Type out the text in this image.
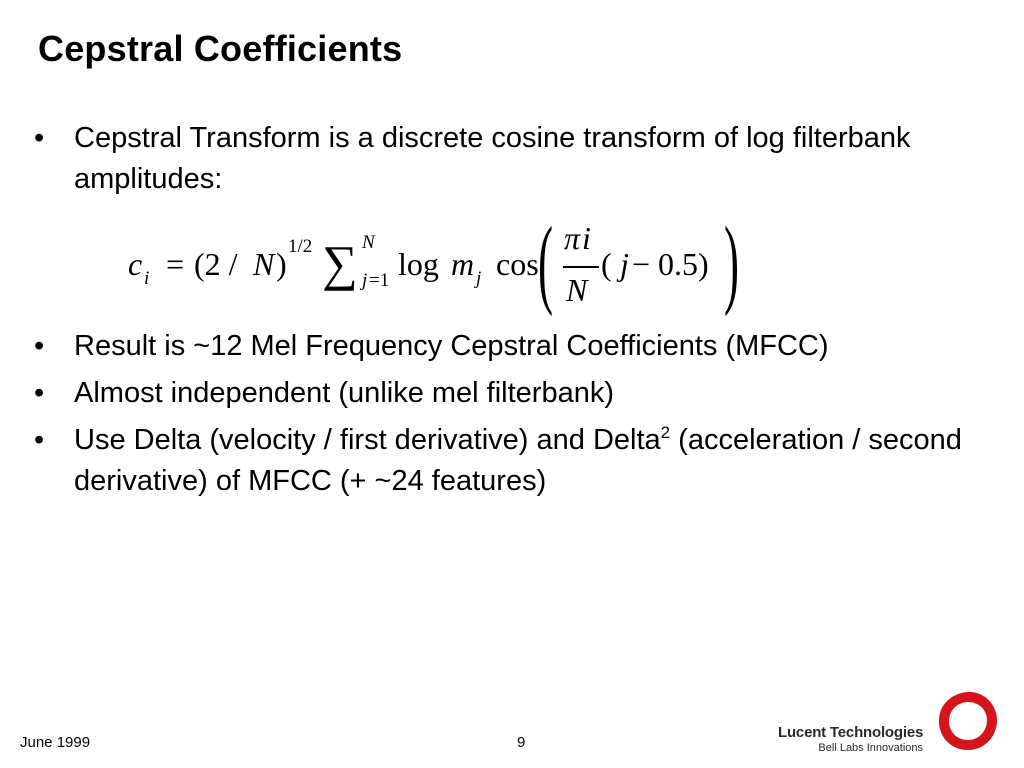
Cepstral Coefficients
•	Cepstral Transform is a discrete cosine transform of log filterbank amplitudes:
•	Result is ~12 Mel Frequency Cepstral Coefficients (MFCC)
•	Almost independent (unlike mel filterbank)
•	Use Delta (velocity / first derivative) and Delta$^2$ (acceleration / second derivative) of MFCC (+ ~24 features)
c i = (2 / N ) 1/2 ∑ N
j =1 log m j cos ( π i
N
( j − 0.5) )
June 1999	9
Lucent Technologies
Bell Labs Innovations
